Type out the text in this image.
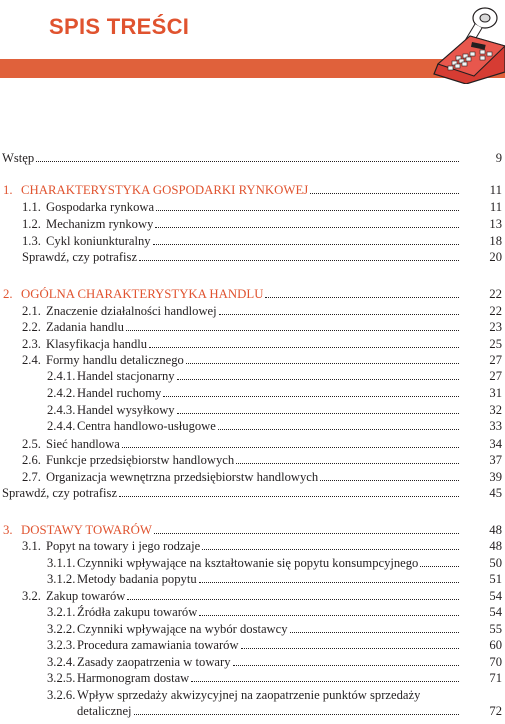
SPIS TREŚCI
Wstęp	9
1. CHARAKTERYSTYKA GOSPODARKI RYNKOWEJ	11
1.1. Gospodarka rynkowa	11
1.2. Mechanizm rynkowy	13
1.3. Cykl koniunkturalny	18
Sprawdź, czy potrafisz	20
2. OGÓLNA CHARAKTERYSTYKA HANDLU	22
2.1. Znaczenie działalności handlowej	22
2.2. Zadania handlu	23
2.3. Klasyfikacja handlu	25
2.4. Formy handlu detalicznego	27
2.4.1. Handel stacjonarny	27
2.4.2. Handel ruchomy	31
2.4.3. Handel wysyłkowy	32
2.4.4. Centra handlowo-usługowe	33
2.5. Sieć handlowa	34
2.6. Funkcje przedsiębiorstw handlowych	37
2.7. Organizacja wewnętrzna przedsiębiorstw handlowych	39
Sprawdź, czy potrafisz	45
3. DOSTAWY TOWARÓW	48
3.1. Popyt na towary i jego rodzaje	48
3.1.1. Czynniki wpływające na kształtowanie się popytu konsumpcyjnego	50
3.1.2. Metody badania popytu	51
3.2. Zakup towarów	54
3.2.1. Źródła zakupu towarów	54
3.2.2. Czynniki wpływające na wybór dostawcy	55
3.2.3. Procedura zamawiania towarów	60
3.2.4. Zasady zaopatrzenia w towary	70
3.2.5. Harmonogram dostaw	71
3.2.6. Wpływ sprzedaży akwizycyjnej na zaopatrzenie punktów sprzedaży
detalicznej	72
